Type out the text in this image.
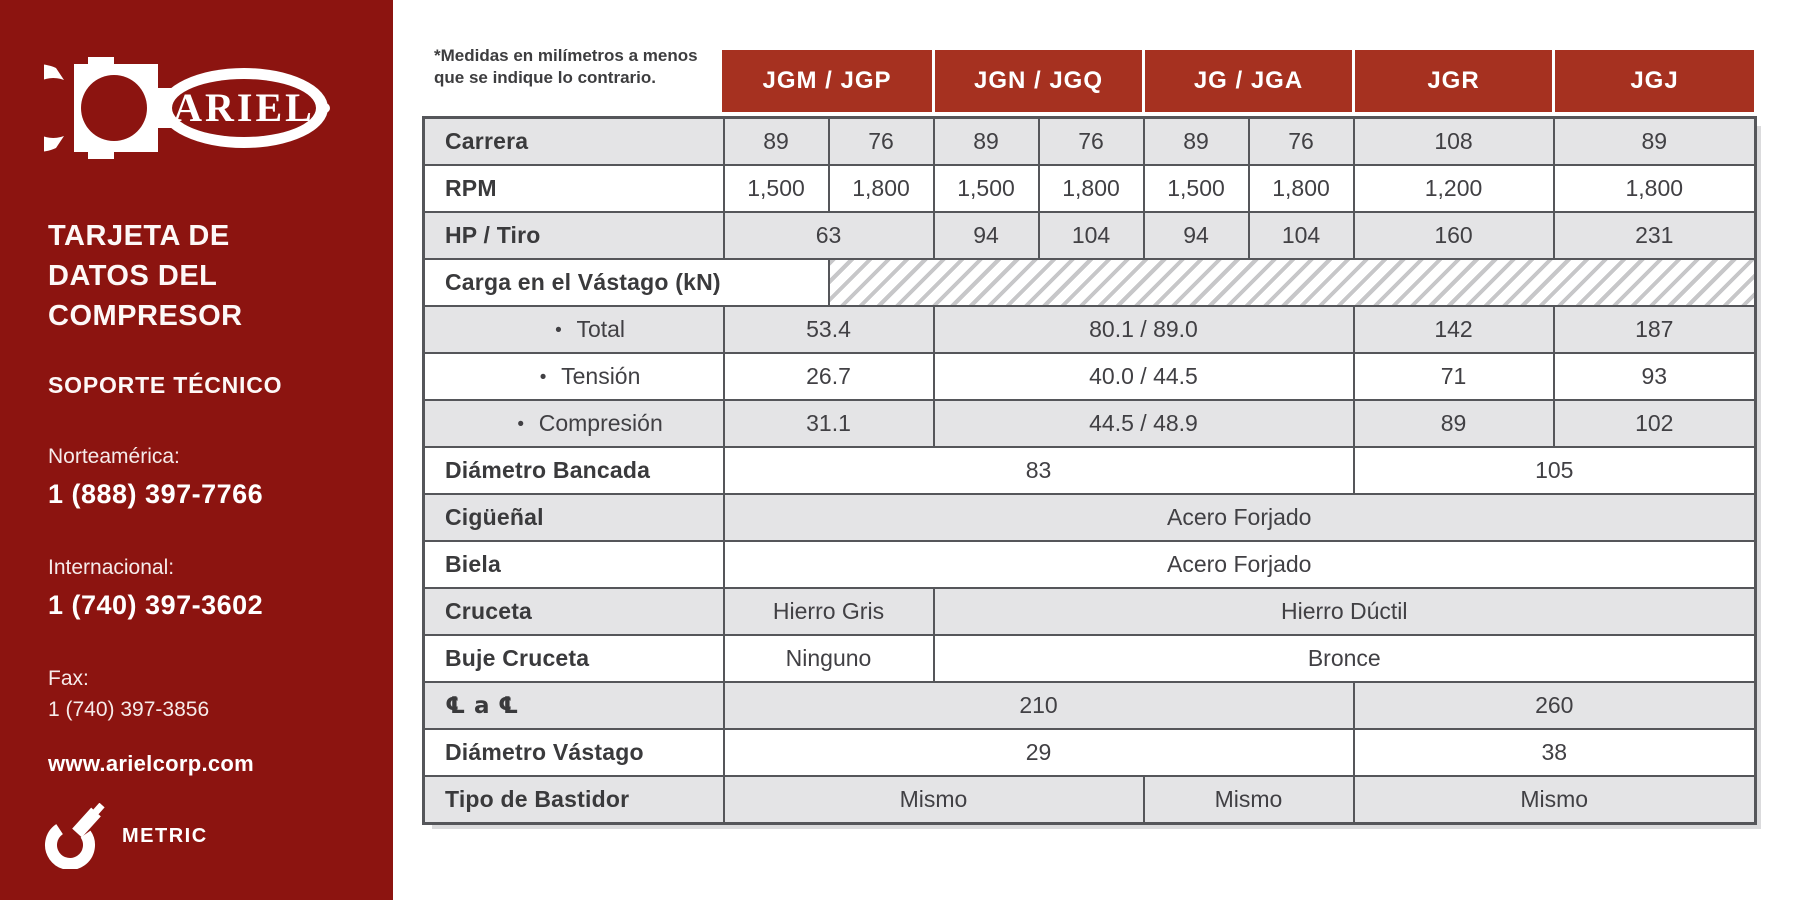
ARIEL
TARJETA DE
DATOS DEL
COMPRESOR
SOPORTE TÉCNICO
Norteamérica:
1 (888) 397-7766
Internacional:
1 (740) 397-3602
Fax:
1 (740) 397-3856
www.arielcorp.com
METRIC
*Medidas en milímetros a menos
que se indique lo contrario.	JGM / JGP	JGN / JGQ	JG / JGA	JGR	JGJ
Carrera	89	76	89	76	89	76	108	89
RPM	1,500	1,800	1,500	1,800	1,500	1,800	1,200	1,800
HP / Tiro	63		94	104	94	104	160	231
Carga en el Vástago (kN)								
• Total	53.4		80.1 / 89.0				142	187
• Tensión	26.7		40.0 / 44.5				71	93
• Compresión	31.1		44.5 / 48.9				89	102
Diámetro Bancada	83						105	
Cigüeñal	Acero Forjado							
Biela	Acero Forjado							
Cruceta	Hierro Gris		Hierro Dúctil					
Buje Cruceta	Ninguno		Bronce					
℄ a ℄	210						260	
Diámetro Vástago	29						38	
Tipo de Bastidor	Mismo				Mismo		Mismo	
